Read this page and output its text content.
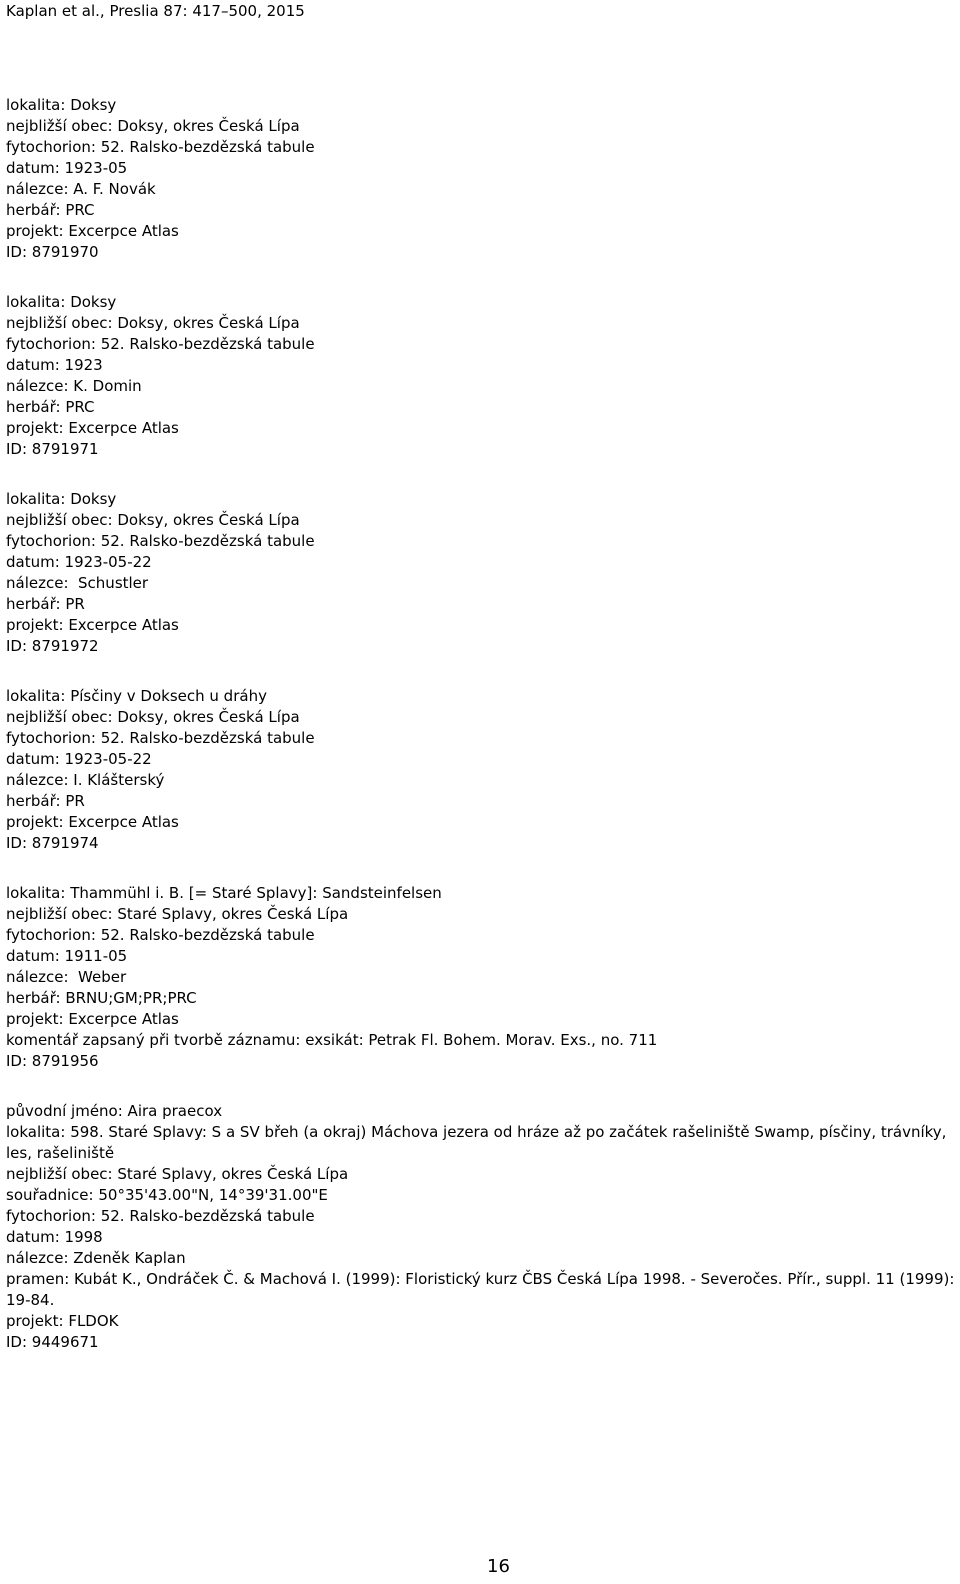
Kaplan et al., Preslia 87: 417–500, 2015
lokalita: Doksy
nejbližší obec: Doksy, okres Česká Lípa
fytochorion: 52. Ralsko-bezdězská tabule
datum: 1923-05
nálezce: A. F. Novák
herbář: PRC
projekt: Excerpce Atlas
ID: 8791970
lokalita: Doksy
nejbližší obec: Doksy, okres Česká Lípa
fytochorion: 52. Ralsko-bezdězská tabule
datum: 1923
nálezce: K. Domin
herbář: PRC
projekt: Excerpce Atlas
ID: 8791971
lokalita: Doksy
nejbližší obec: Doksy, okres Česká Lípa
fytochorion: 52. Ralsko-bezdězská tabule
datum: 1923-05-22
nálezce:  Schustler
herbář: PR
projekt: Excerpce Atlas
ID: 8791972
lokalita: Písčiny v Doksech u dráhy
nejbližší obec: Doksy, okres Česká Lípa
fytochorion: 52. Ralsko-bezdězská tabule
datum: 1923-05-22
nálezce: I. Klášterský
herbář: PR
projekt: Excerpce Atlas
ID: 8791974
lokalita: Thammühl i. B. [= Staré Splavy]: Sandsteinfelsen
nejbližší obec: Staré Splavy, okres Česká Lípa
fytochorion: 52. Ralsko-bezdězská tabule
datum: 1911-05
nálezce:  Weber
herbář: BRNU;GM;PR;PRC
projekt: Excerpce Atlas
komentář zapsaný při tvorbě záznamu: exsikát: Petrak Fl. Bohem. Morav. Exs., no. 711
ID: 8791956
původní jméno: Aira praecox
lokalita: 598. Staré Splavy: S a SV břeh (a okraj) Máchova jezera od hráze až po začátek rašeliniště Swamp, písčiny, trávníky, les, rašeliniště
nejbližší obec: Staré Splavy, okres Česká Lípa
souřadnice: 50°35'43.00"N, 14°39'31.00"E
fytochorion: 52. Ralsko-bezdězská tabule
datum: 1998
nálezce: Zdeněk Kaplan
pramen: Kubát K., Ondráček Č. & Machová I. (1999): Floristický kurz ČBS Česká Lípa 1998. - Severočes. Přír., suppl. 11 (1999): 19-84.
projekt: FLDOK
ID: 9449671
16
